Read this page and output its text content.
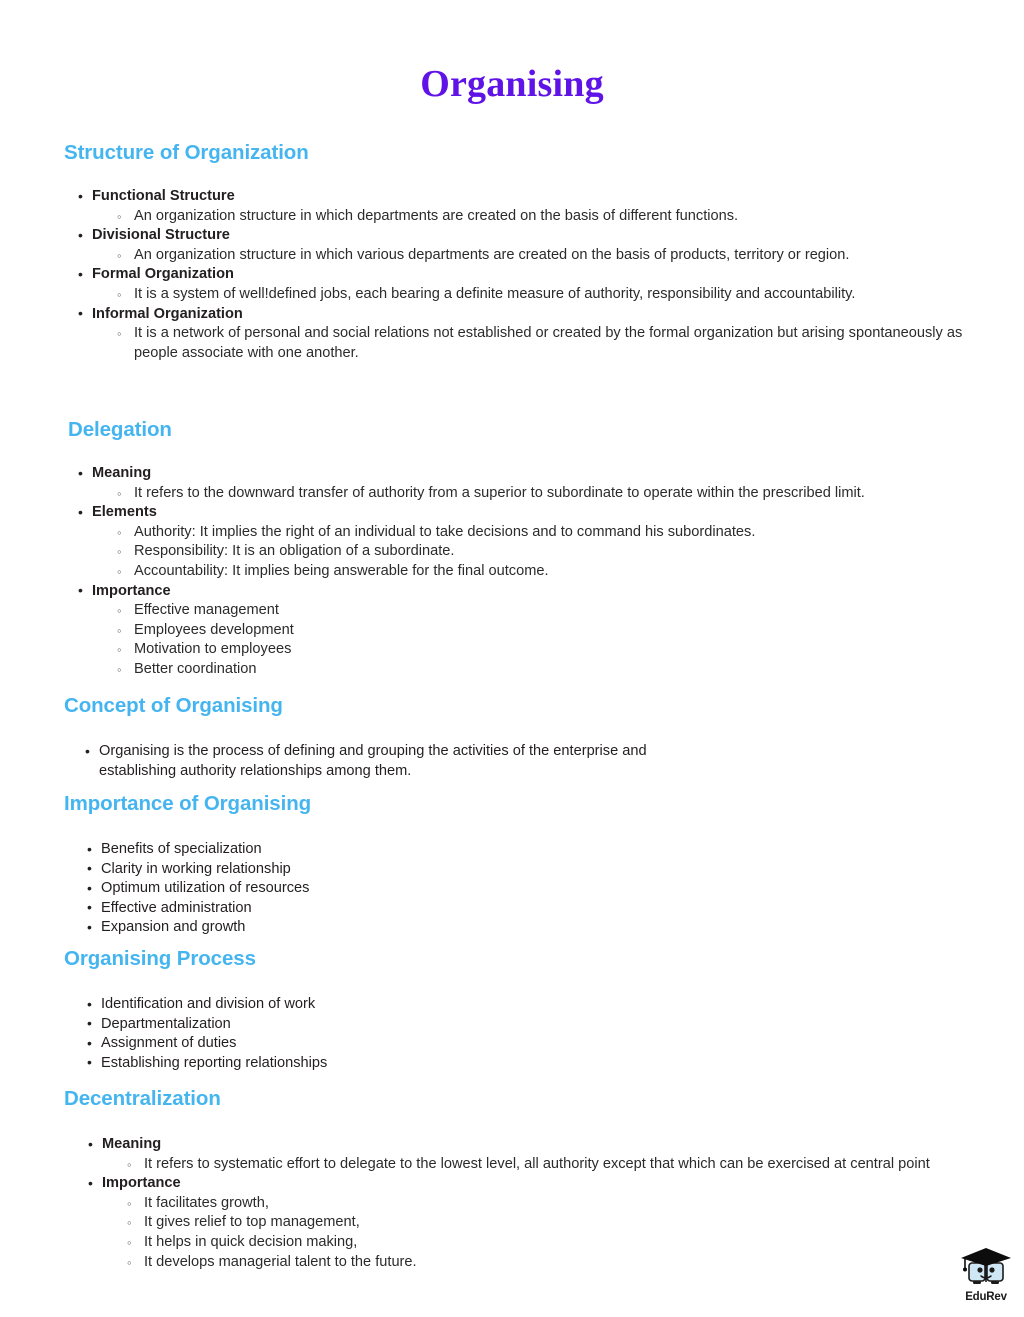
Organising
Structure of Organization
• Functional Structure
◦ An organization structure in which departments are created on the basis of different functions.
• Divisional Structure
◦ An organization structure in which various departments are created on the basis of products, territory or region.
• Formal Organization
◦ It is a system of well!defined jobs, each bearing a definite measure of authority, responsibility and accountability.
• Informal Organization
◦ It is a network of personal and social relations not established or created by the formal organization but arising spontaneously as people associate with one another.
Delegation
• Meaning
◦ It refers to the downward transfer of authority from a superior to subordinate to operate within the prescribed limit.
• Elements
◦ Authority: It implies the right of an individual to take decisions and to command his subordinates.
◦ Responsibility: It is an obligation of a subordinate.
◦ Accountability: It implies being answerable for the final outcome.
• Importance
◦ Effective management
◦ Employees development
◦ Motivation to employees
◦ Better coordination
Concept of Organising
• Organising is the process of defining and grouping the activities of the enterprise and establishing authority relationships among them.
Importance of Organising
• Benefits of specialization
• Clarity in working relationship
• Optimum utilization of resources
• Effective administration
• Expansion and growth
Organising Process
• Identification and division of work
• Departmentalization
• Assignment of duties
• Establishing reporting relationships
Decentralization
• Meaning
◦ It refers to systematic effort to delegate to the lowest level, all authority except that which can be exercised at central point
• Importance
◦ It facilitates growth,
◦ It gives relief to top management,
◦ It helps in quick decision making,
◦ It develops managerial talent to the future.
EduRev
